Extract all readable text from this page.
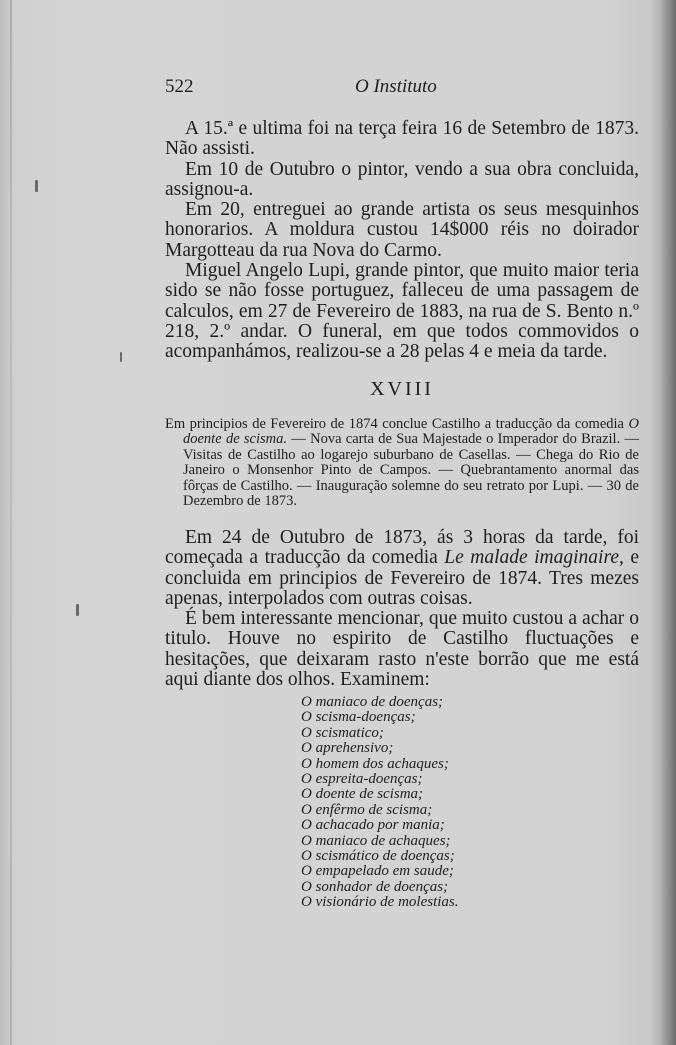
522	O Instituto

A 15.ª e ultima foi na terça feira 16 de Setembro de 1873. Não assisti.

Em 10 de Outubro o pintor, vendo a sua obra concluida, assignou-a.

Em 20, entreguei ao grande artista os seus mesquinhos honorarios. A moldura custou 14$000 réis no doirador Margotteau da rua Nova do Carmo.

Miguel Angelo Lupi, grande pintor, que muito maior teria sido se não fosse portuguez, falleceu de uma passagem de calculos, em 27 de Fevereiro de 1883, na rua de S. Bento n.º 218, 2.º andar. O funeral, em que todos commovidos o acompanhámos, realizou-se a 28 pelas 4 e meia da tarde.

XVIII

Em principios de Fevereiro de 1874 conclue Castilho a traducção da comedia O doente de scisma. — Nova carta de Sua Majestade o Imperador do Brazil. — Visitas de Castilho ao logarejo suburbano de Casellas. — Chega do Rio de Janeiro o Monsenhor Pinto de Campos. — Quebrantamento anormal das fôrças de Castilho. — Inauguração solemne do seu retrato por Lupi. — 30 de Dezembro de 1873.

Em 24 de Outubro de 1873, ás 3 horas da tarde, foi começada a traducção da comedia Le malade imaginaire, e concluida em principios de Fevereiro de 1874. Tres mezes apenas, interpolados com outras coisas.

É bem interessante mencionar, que muito custou a achar o titulo. Houve no espirito de Castilho fluctuações e hesitações, que deixaram rasto n'este borrão que me está aqui diante dos olhos. Examinem:

O maniaco de doenças;
O scisma-doenças;
O scismatico;
O aprehensivo;
O homem dos achaques;
O espreita-doenças;
O doente de scisma;
O enfêrmo de scisma;
O achacado por mania;
O maniaco de achaques;
O scismático de doenças;
O empapelado em saude;
O sonhador de doenças;
O visionário de molestias.
